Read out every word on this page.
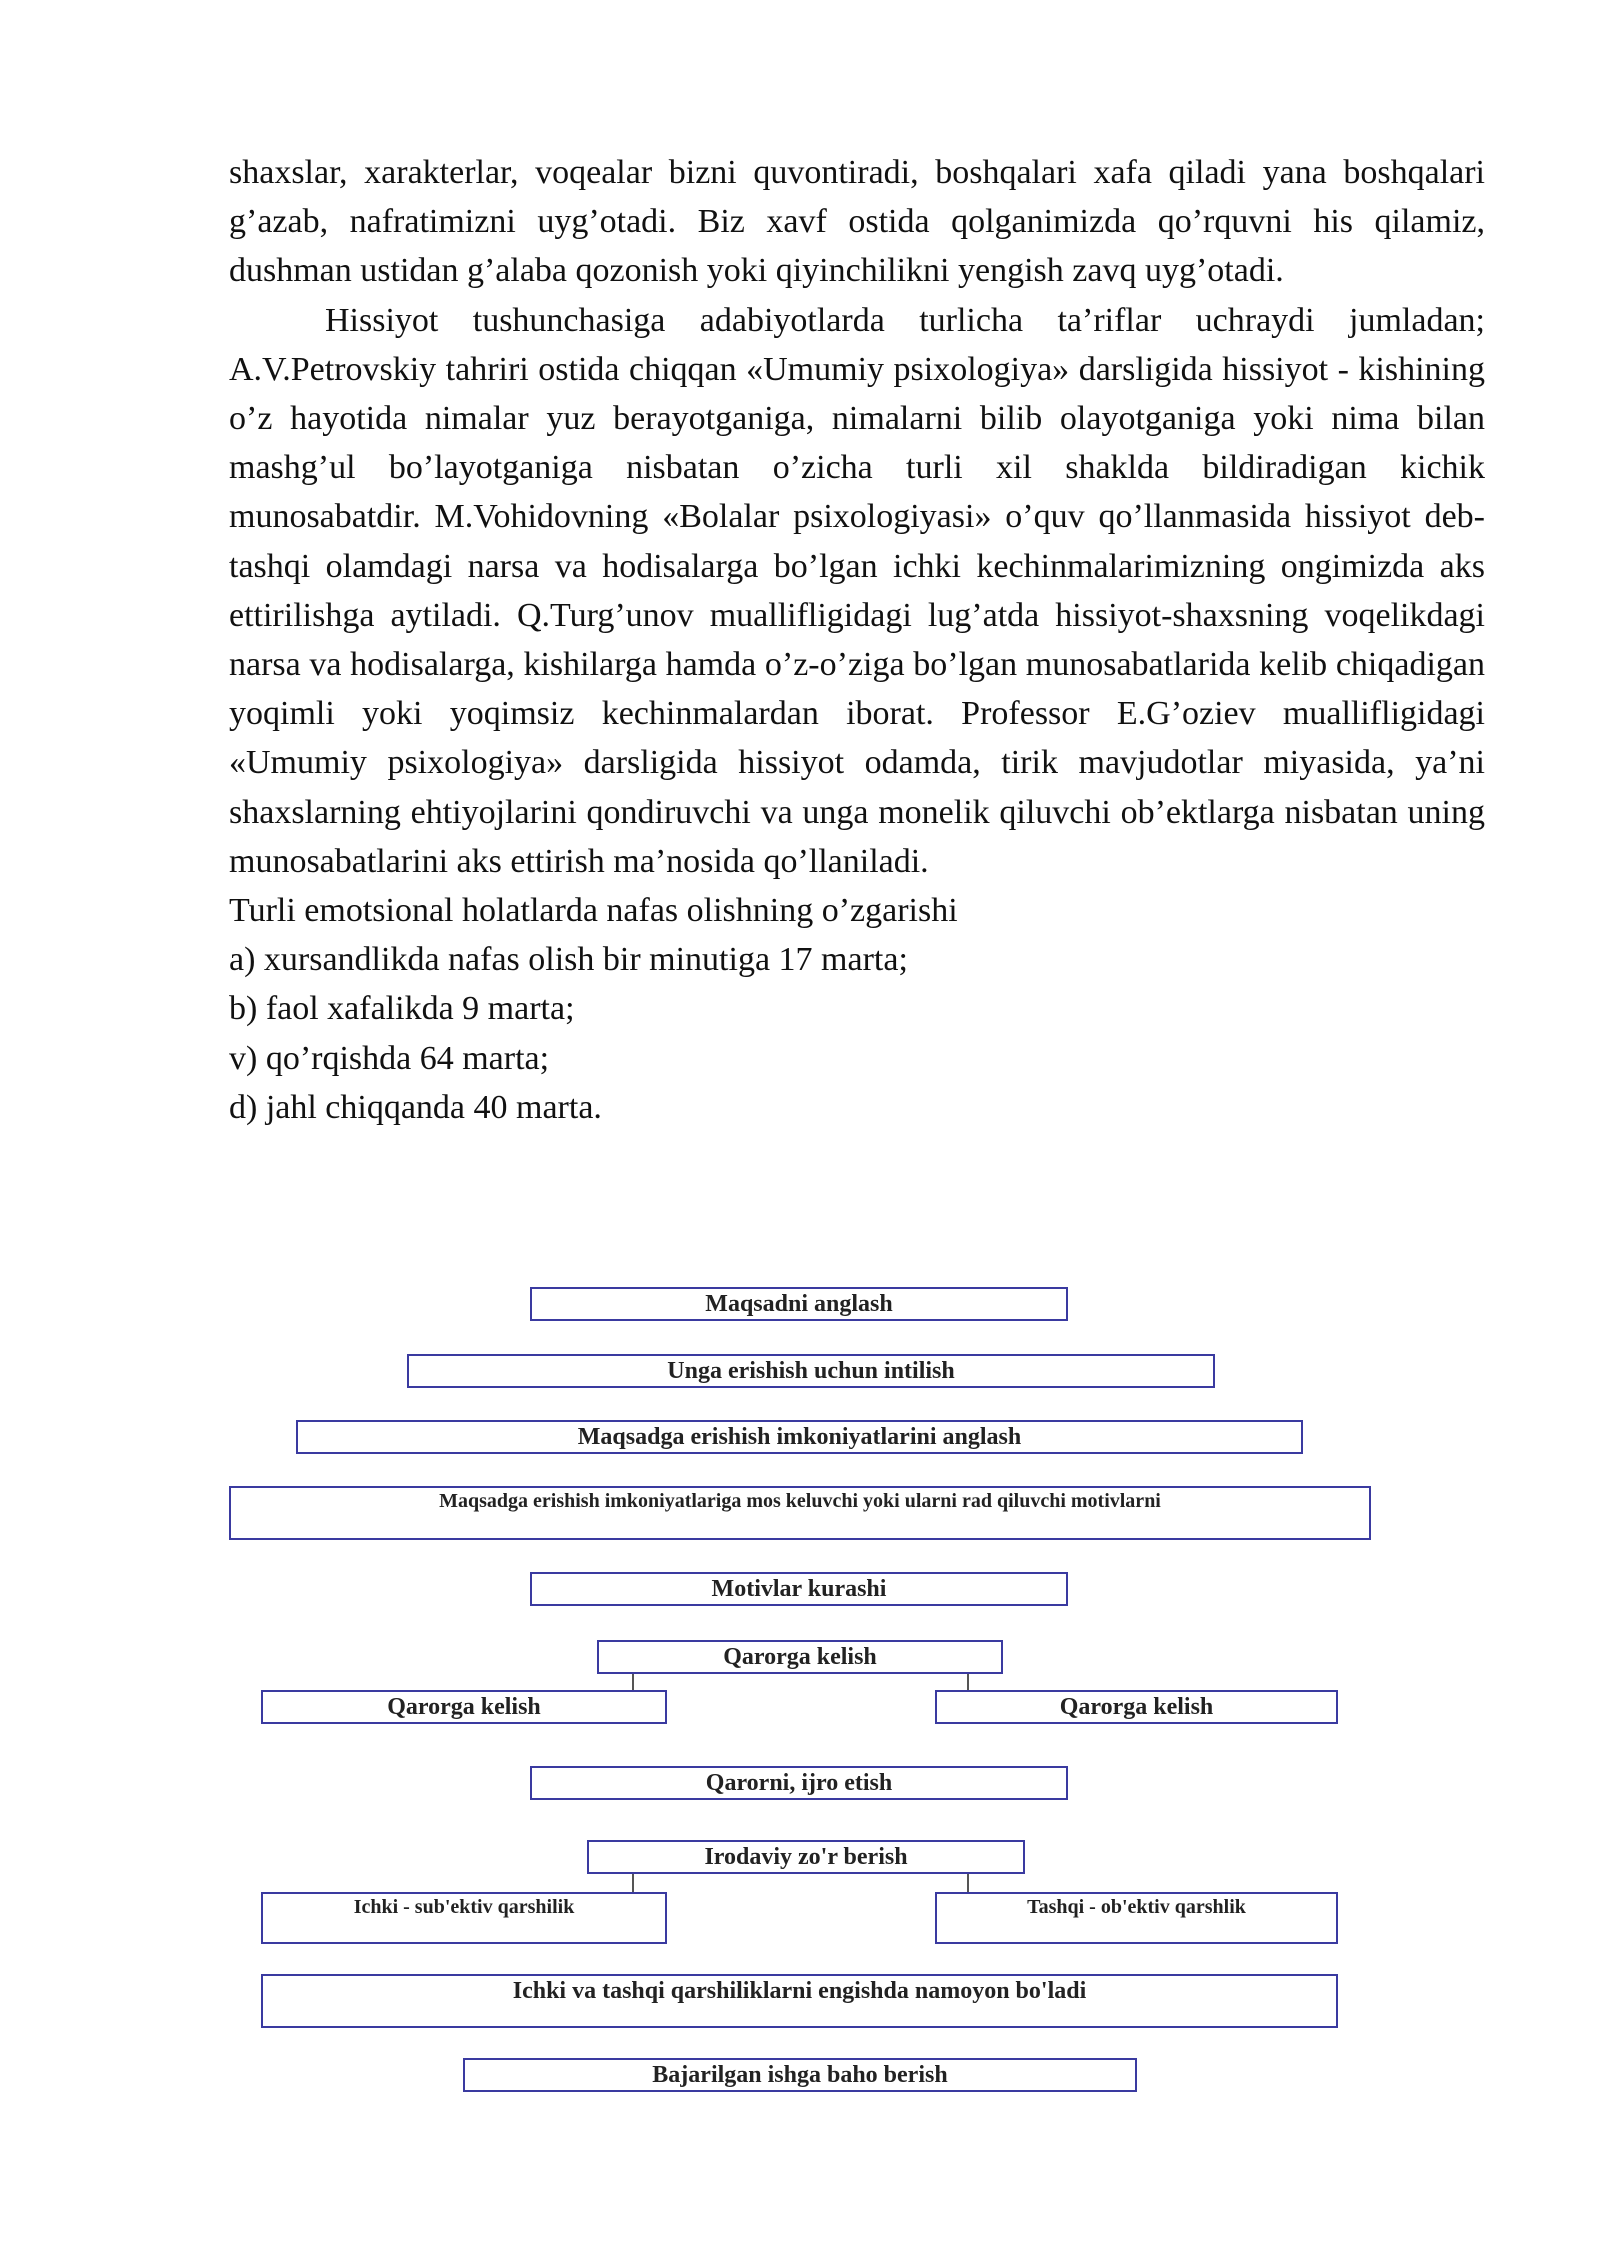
shaxslar, xarakterlar, voqealar bizni quvontiradi, boshqalari xafa qiladi yana boshqalari g’azab, nafratimizni uyg’otadi. Biz xavf ostida qolganimizda qo’rquvni his qilamiz, dushman ustidan g’alaba qozonish yoki qiyinchilikni yengish zavq uyg’otadi.

Hissiyot tushunchasiga adabiyotlarda turlicha ta’riflar uchraydi jumladan; A.V.Petrovskiy tahriri ostida chiqqan «Umumiy psixologiya» darsligida hissiyot - kishining o’z hayotida nimalar yuz berayotganiga, nimalarni bilib olayotganiga yoki nima bilan mashg’ul bo’layotganiga nisbatan o’zicha turli xil shaklda bildiradigan kichik munosabatdir. M.Vohidovning «Bolalar psixologiyasi» o’quv qo’llanmasida hissiyot deb-tashqi olamdagi narsa va hodisalarga bo’lgan ichki kechinmalarimizning ongimizda aks ettirilishga aytiladi. Q.Turg’unov muallifligidagi lug’atda hissiyot-shaxsning voqelikdagi narsa va hodisalarga, kishilarga hamda o’z-o’ziga bo’lgan munosabatlarida kelib chiqadigan yoqimli yoki yoqimsiz kechinmalardan iborat. Professor E.G’oziev muallifligidagi «Umumiy psixologiya» darsligida hissiyot odamda, tirik mavjudotlar miyasida, ya’ni shaxslarning ehtiyojlarini qondiruvchi va unga monelik qiluvchi ob’ektlarga nisbatan uning munosabatlarini aks ettirish ma’nosida qo’llaniladi.

Turli emotsional holatlarda nafas olishning o’zgarishi

a) xursandlikda nafas olish bir minutiga 17 marta;

b) faol xafalikda 9 marta;

v) qo’rqishda 64 marta;

d) jahl chiqqanda 40 marta.

Maqsadni anglash
Unga erishish uchun intilish
Maqsadga erishish imkoniyatlarini anglash
Maqsadga erishish imkoniyatlariga mos keluvchi yoki ularni rad qiluvchi motivlarni
Motivlar kurashi
Qarorga kelish
Qarorga kelish	Qarorga kelish
Qarorni, ijro etish
Irodaviy zo'r berish
Ichki - sub'ektiv qarshilik	Tashqi - ob'ektiv qarshlik
Ichki va tashqi qarshiliklarni engishda namoyon bo'ladi
Bajarilgan ishga baho berish
